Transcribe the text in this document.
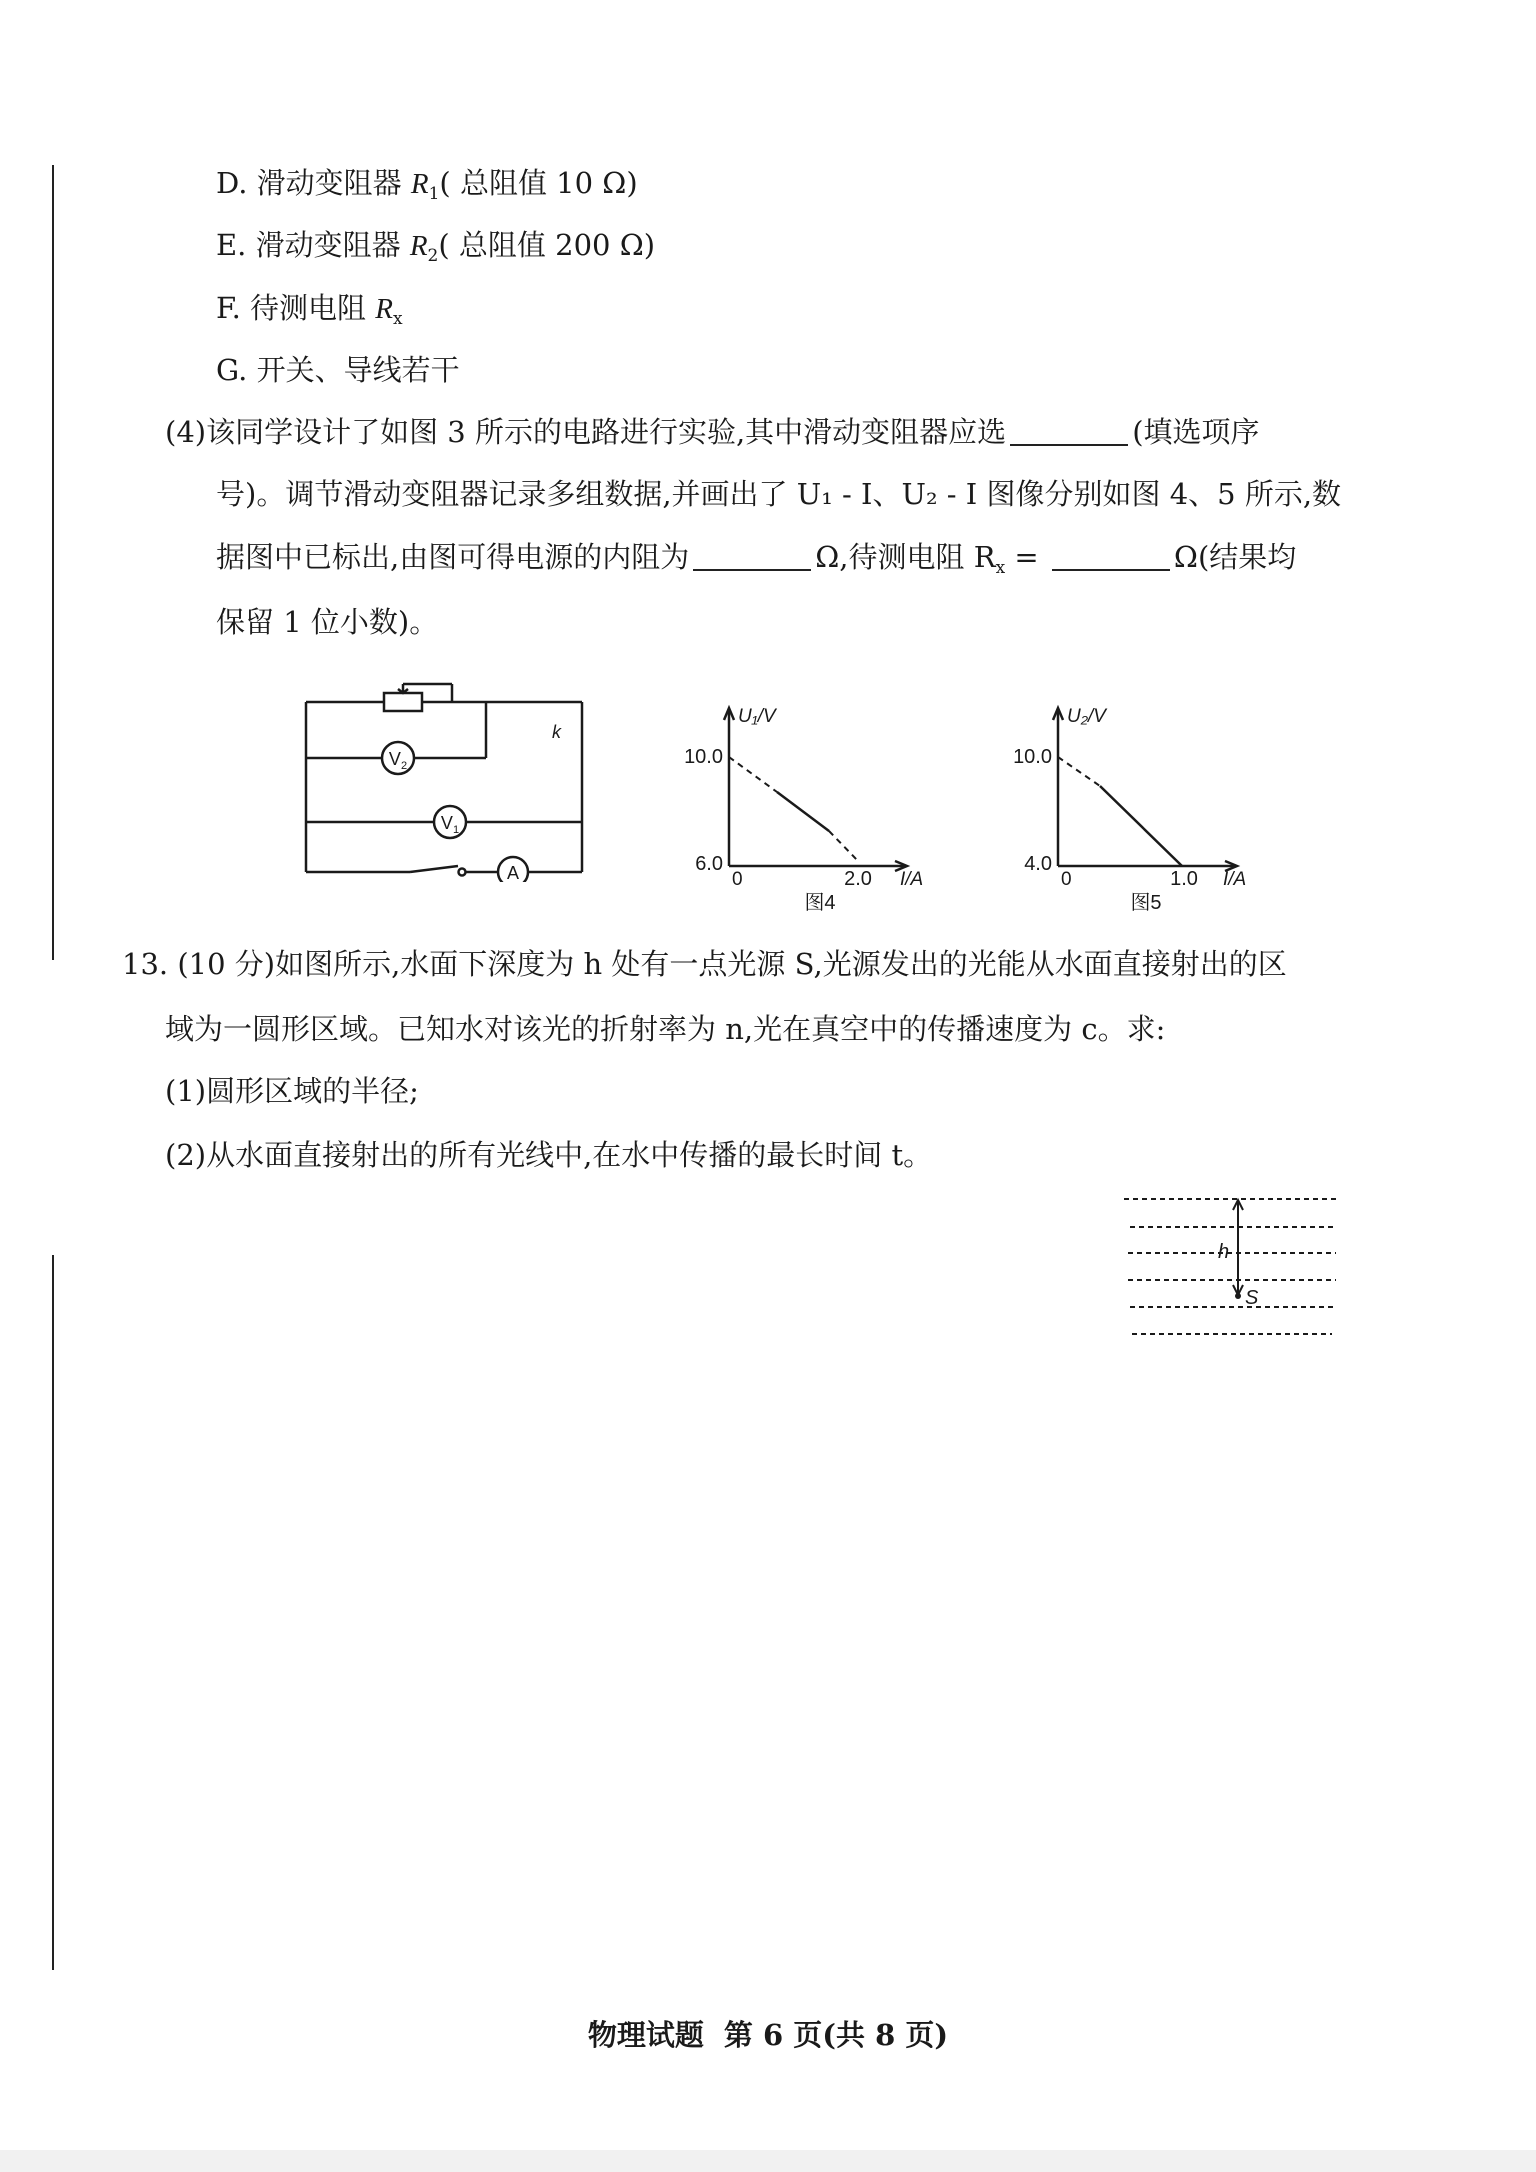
D. 滑动变阻器 $R_1$( 总阻值 10 Ω)
E. 滑动变阻器 $R_2$( 总阻值 200 Ω)
F. 待测电阻 $R_x$
G. 开关、导线若干
(4)该同学设计了如图 3 所示的电路进行实验,其中滑动变阻器应选	(填选项序
号)。调节滑动变阻器记录多组数据,并画出了 U₁ - I、U₂ - I 图像分别如图 4、5 所示,数
据图中已标出,由图可得电源的内阻为	Ω,待测电阻 $R_x$ =	Ω(结果均
保留 1 位小数)。
k
$V_2$
$V_1$
A
U₁/V
10.0
6.0
0	2.0 I/A
图4
U₂/V
10.0
4.0
0	1.0 I/A
图5
13. (10 分)如图所示,水面下深度为 h 处有一点光源 S,光源发出的光能从水面直接射出的区
域为一圆形区域。已知水对该光的折射率为 n,光在真空中的传播速度为 c。求:
(1)圆形区域的半径;
(2)从水面直接射出的所有光线中,在水中传播的最长时间 t。
h
S
物理试题 第 6 页(共 8 页)
